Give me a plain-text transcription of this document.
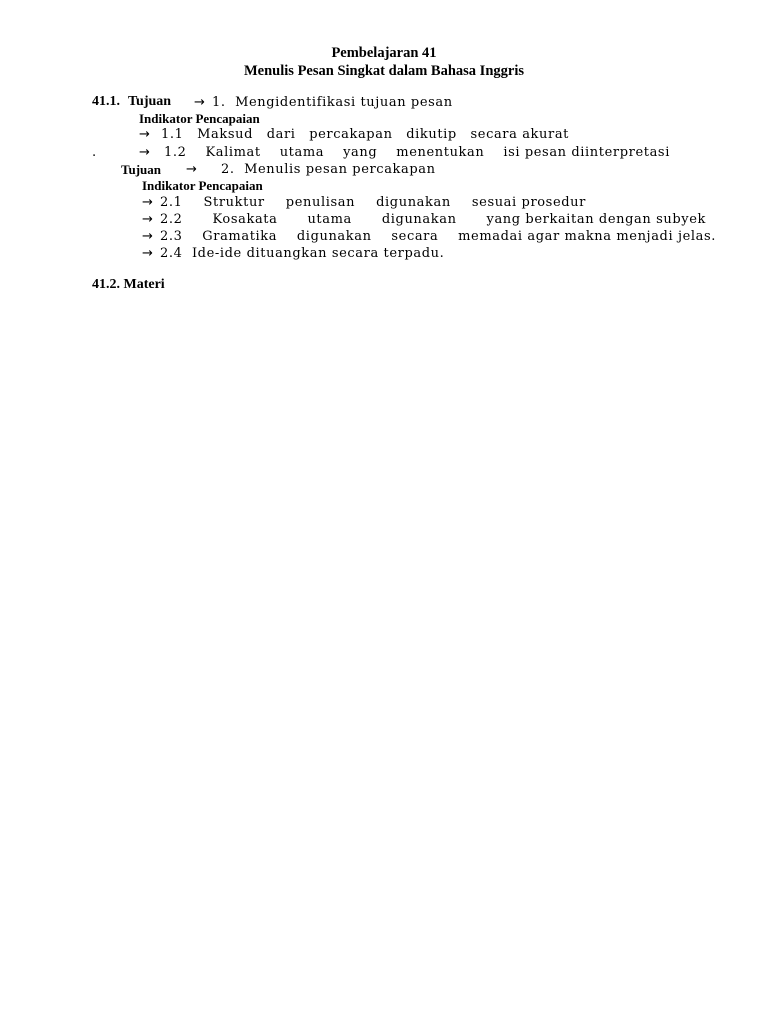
Pembelajaran 41
Menulis Pesan Singkat dalam Bahasa Inggris
41.1. Tujuan → 1.  Mengidentifikasi tujuan pesan
Indikator Pencapaian
→ 1.1 Maksud dari percakapan dikutip secara akurat
.	→ 1.2 Kalimat utama yang menentukan isi pesan diinterpretasi
Tujuan → 2.  Menulis pesan percakapan
Indikator Pencapaian
→ 2.1 Struktur penulisan digunakan sesuai prosedur
→ 2.2 Kosakata utama digunakan yang berkaitan dengan subyek
→ 2.3 Gramatika digunakan secara memadai agar makna menjadi jelas.
→ 2.4  Ide-ide dituangkan secara terpadu.
41.2. Materi
